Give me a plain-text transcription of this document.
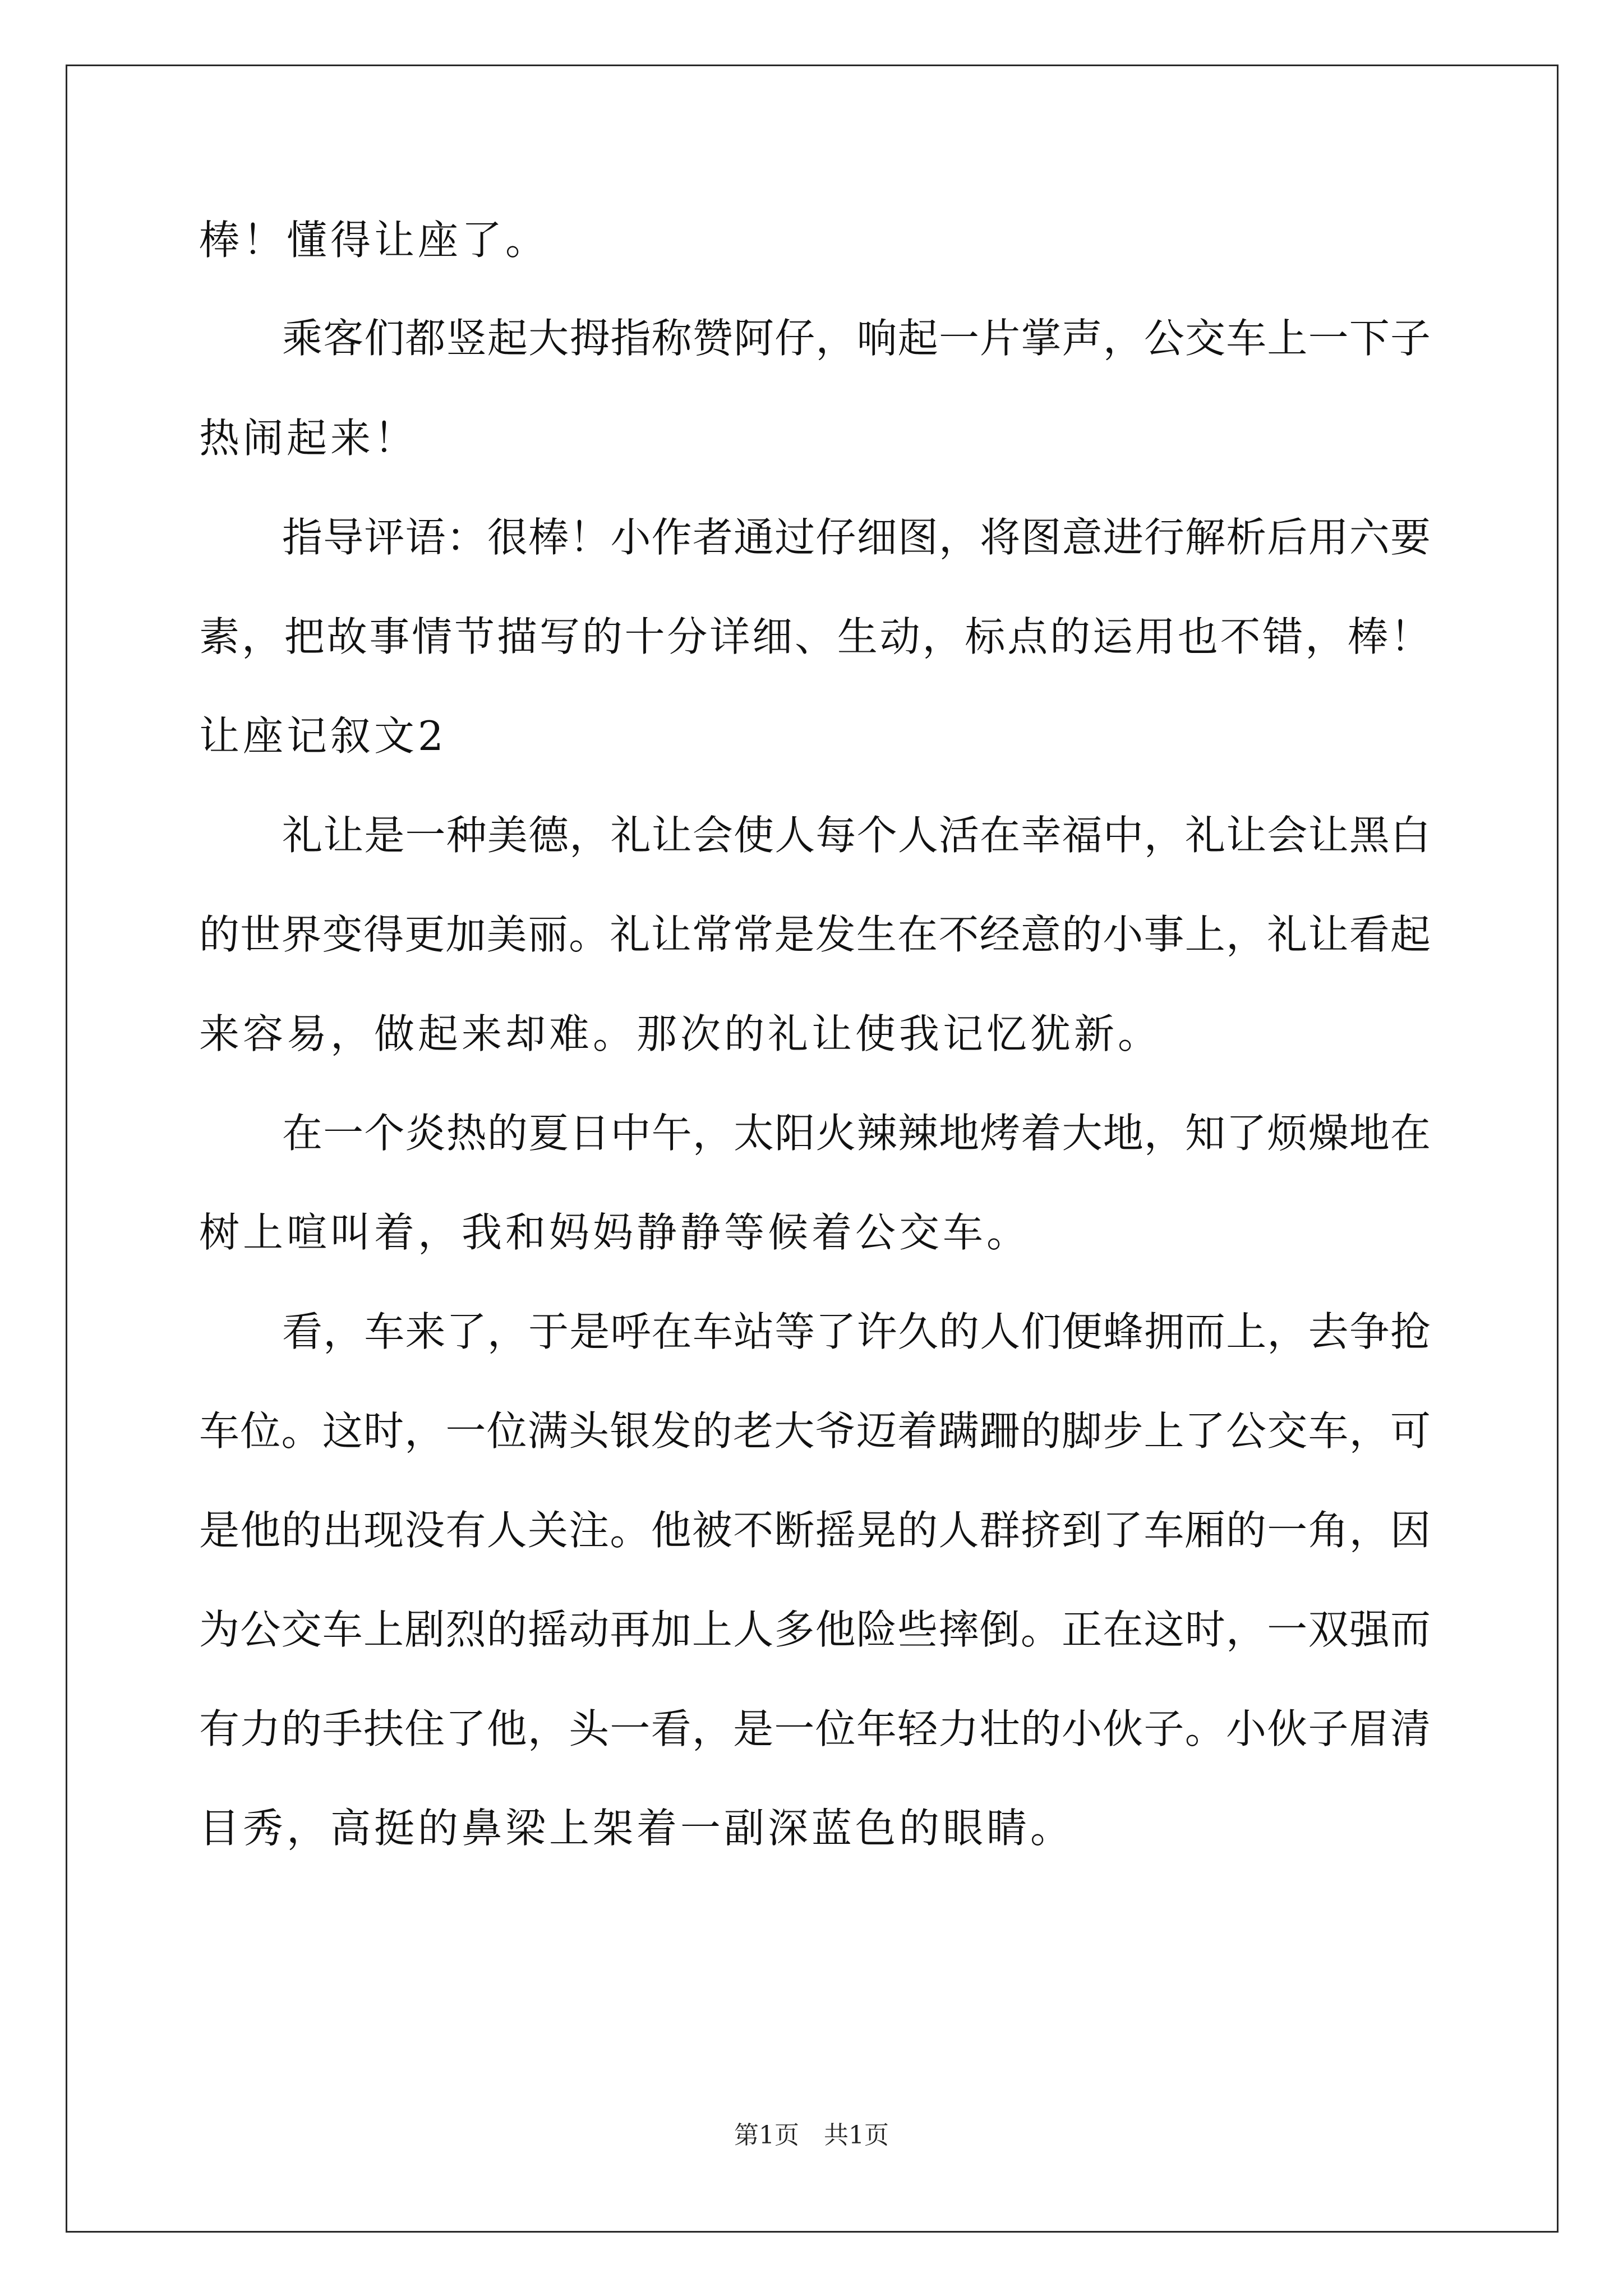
棒！懂得让座了。
乘客们都竖起大拇指称赞阿仔，响起一片掌声，公交车上一下子
热闹起来！
指导评语：很棒！小作者通过仔细图，将图意进行解析后用六要
素，把故事情节描写的十分详细、生动，标点的运用也不错，棒！
让座记叙文2
礼让是一种美德，礼让会使人每个人活在幸福中，礼让会让黑白
的世界变得更加美丽。礼让常常是发生在不经意的小事上，礼让看起
来容易，做起来却难。那次的礼让使我记忆犹新。
在一个炎热的夏日中午，太阳火辣辣地烤着大地，知了烦燥地在
树上喧叫着，我和妈妈静静等候着公交车。
看，车来了，于是呼在车站等了许久的人们便蜂拥而上，去争抢
车位。这时，一位满头银发的老大爷迈着蹒跚的脚步上了公交车，可
是他的出现没有人关注。他被不断摇晃的人群挤到了车厢的一角，因
为公交车上剧烈的摇动再加上人多他险些摔倒。正在这时，一双强而
有力的手扶住了他，头一看，是一位年轻力壮的小伙子。小伙子眉清
目秀，高挺的鼻梁上架着一副深蓝色的眼睛。
第1页　共1页
